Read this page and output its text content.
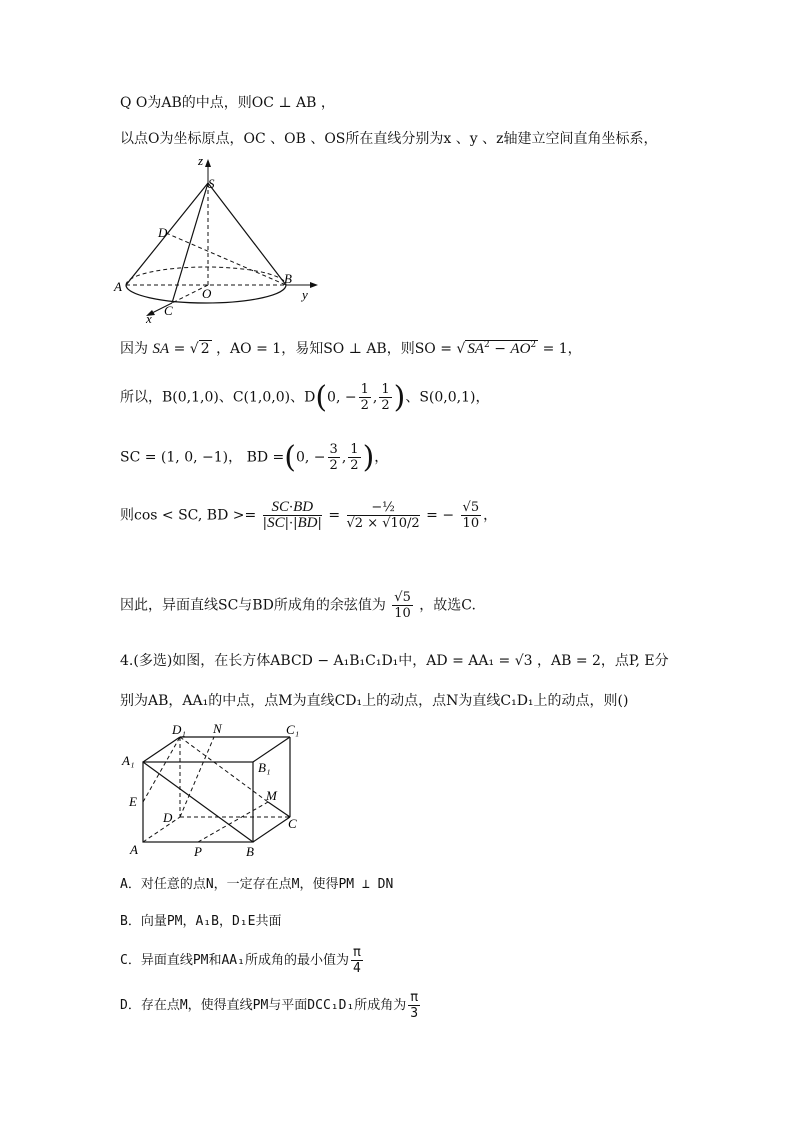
Q O为AB的中点，则OC ⊥ AB ，
以点O为坐标原点，OC 、OB 、OS所在直线分别为x 、y 、z轴建立空间直角坐标系，
z
S
D
A	O
B
y
C
x
因为 SA = √ 2 ，AO = 1，易知SO ⊥ AB，则SO = √ $SA^2 - AO^2 = 1$，
所以，B(0,1,0)、C(1,0,0)、D(0, − $\frac{1}{2}$ , $\frac{1}{2}$ )、S(0,0,1)，
SC = (1, 0, −1)， BD =(0, − $\frac{3}{2}$ , $\frac{1}{2}$ )，
则cos < SC, BD >= $\frac{SC\cdot BD}{|SC|\cdot|BD|} = \frac{\text{−½}}{√2 \times √10/2}$ = − $\frac{√5}{10}$ ，
因此，异面直线SC与BD所成角的余弦值为 $\frac{√5}{10}$ ，故选C.
4.(多选)如图，在长方体ABCD − A₁B₁C₁D₁中，AD = AA₁ = √3 ，AB = 2，点P, E分
别为AB，AA₁的中点，点M为直线CD₁上的动点，点N为直线C₁D₁上的动点，则()
D₁ N	C₁
A₁	B₁
E	M
D	C
A	P	B
A．对任意的点N，一定存在点M，使得PM ⊥ DN
B．向量PM，A₁B，D₁E共面
C．异面直线PM和AA₁所成角的最小值为 $\frac{\pi}{4}$
D．存在点M，使得直线PM与平面DCC₁D₁所成角为 $\frac{\pi}{3}$
